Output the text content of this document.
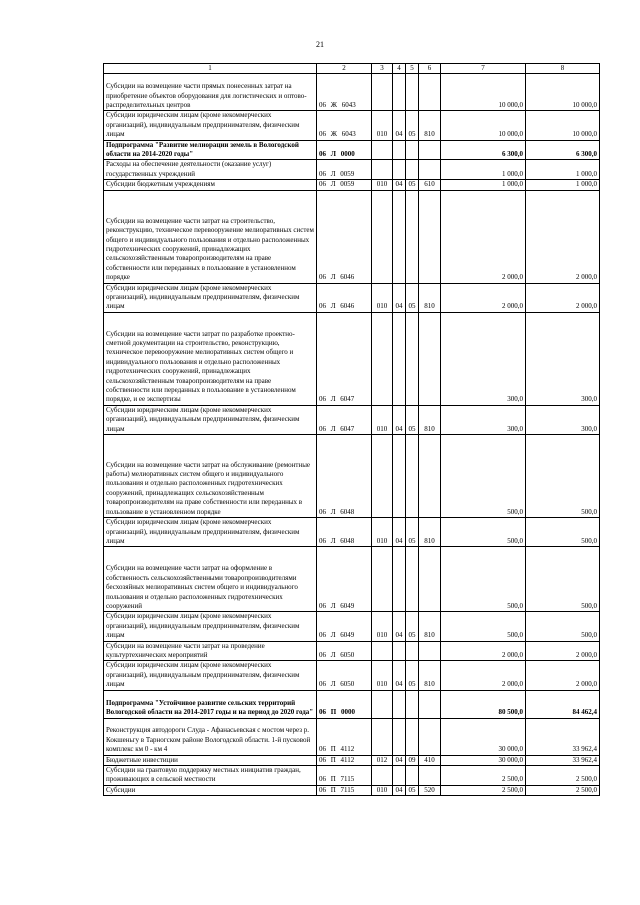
21
1	2	3	4	5	6	7	8
Субсидии на возмещение части прямых понесенных затрат на приобретение объектов оборудования для логистических и оптово-распределительных центров	06 Ж 6043					10 000,0	10 000,0
Субсидии юридическим лицам (кроме некоммерческих организаций), индивидуальным предпринимателям, физическим лицам	06 Ж 6043	010	04	05	810	10 000,0	10 000,0
Подпрограмма "Развитие мелиорации земель в Вологодской области на 2014-2020 годы"	06 Л 0000					6 300,0	6 300,0
Расходы на обеспечение деятельности (оказание услуг) государственных учреждений	06 Л 0059					1 000,0	1 000,0
Субсидии бюджетным учреждениям	06 Л 0059	010	04	05	610	1 000,0	1 000,0
Субсидии на возмещение части затрат на строительство, реконструкцию, техническое перевооружение мелиоративных систем общего и индивидуального пользования и отдельно расположенных гидротехнических сооружений, принадлежащих сельскохозяйственным товаропроизводителям на праве собственности или переданных в пользование в установленном порядке	06 Л 6046					2 000,0	2 000,0
Субсидии юридическим лицам (кроме некоммерческих организаций), индивидуальным предпринимателям, физическим лицам	06 Л 6046	010	04	05	810	2 000,0	2 000,0
Субсидии на возмещение части затрат по разработке проектно-сметной документации на строительство, реконструкцию, техническое перевооружение мелиоративных систем общего и индивидуального пользования и отдельно расположенных гидротехнических сооружений, принадлежащих сельскохозяйственным товаропроизводителям на праве собственности или переданных в пользование в установленном порядке, и ее экспертизы	06 Л 6047					300,0	300,0
Субсидии юридическим лицам (кроме некоммерческих организаций), индивидуальным предпринимателям, физическим лицам	06 Л 6047	010	04	05	810	300,0	300,0
Субсидии на возмещение части затрат на обслуживание (ремонтные работы) мелиоративных систем общего и индивидуального пользования и отдельно расположенных гидротехнических сооружений, принадлежащих сельскохозяйственным товаропроизводителям на праве собственности или переданных в пользование в установленном порядке	06 Л 6048					500,0	500,0
Субсидии юридическим лицам (кроме некоммерческих организаций), индивидуальным предпринимателям, физическим лицам	06 Л 6048	010	04	05	810	500,0	500,0
Субсидии на возмещение части затрат на оформление в собственность сельскохозяйственными товаропроизводителями бесхозяйных мелиоративных систем общего и индивидуального пользования и отдельно расположенных гидротехнических сооружений	06 Л 6049					500,0	500,0
Субсидии юридическим лицам (кроме некоммерческих организаций), индивидуальным предпринимателям, физическим лицам	06 Л 6049	010	04	05	810	500,0	500,0
Субсидии на возмещение части затрат на проведение культуртехнических мероприятий	06 Л 6050					2 000,0	2 000,0
Субсидии юридическим лицам (кроме некоммерческих организаций), индивидуальным предпринимателям, физическим лицам	06 Л 6050	010	04	05	810	2 000,0	2 000,0
Подпрограмма "Устойчивое развитие сельских территорий Вологодской области на 2014-2017 годы и на период до 2020 года"	06 П 0000					80 500,0	84 462,4
Реконструкция автодороги Слуда - Афанасьевская с мостом через р. Кокшеньгу в Тарногском районе Вологодской области. 1-й пусковой комплекс км 0 - км 4	06 П 4112					30 000,0	33 962,4
Бюджетные инвестиции	06 П 4112	012	04	09	410	30 000,0	33 962,4
Субсидии на грантовую поддержку местных инициатив граждан, проживающих в сельской местности	06 П 7115					2 500,0	2 500,0
Субсидии	06 П 7115	010	04	05	520	2 500,0	2 500,0
